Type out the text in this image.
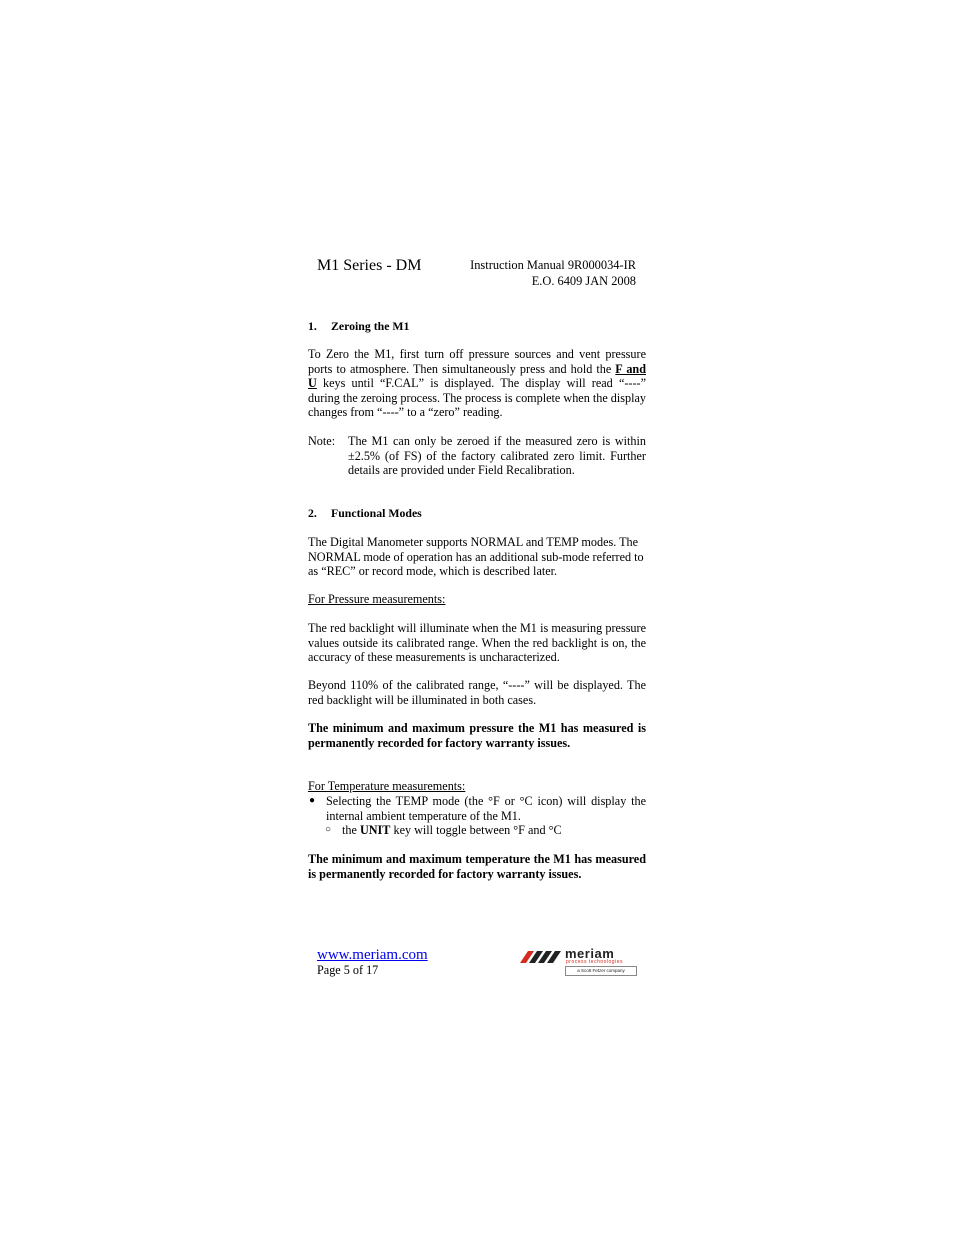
M1 Series - DM	Instruction Manual 9R000034-IR
E.O. 6409 JAN 2008
1. Zeroing the M1
To Zero the M1, first turn off pressure sources and vent pressure ports to atmosphere. Then simultaneously press and hold the F and U keys until “F.CAL” is displayed. The display will read “----” during the zeroing process. The process is complete when the display changes from “----” to a “zero” reading.
Note:	The M1 can only be zeroed if the measured zero is within ±2.5% (of FS) of the factory calibrated zero limit. Further details are provided under Field Recalibration.
2. Functional Modes
The Digital Manometer supports NORMAL and TEMP modes. The NORMAL mode of operation has an additional sub-mode referred to as “REC” or record mode, which is described later.
For Pressure measurements:
The red backlight will illuminate when the M1 is measuring pressure values outside its calibrated range. When the red backlight is on, the accuracy of these measurements is uncharacterized.
Beyond 110% of the calibrated range, “----” will be displayed. The red backlight will be illuminated in both cases.
The minimum and maximum pressure the M1 has measured is permanently recorded for factory warranty issues.
For Temperature measurements:
● Selecting the TEMP mode (the °F or °C icon) will display the internal ambient temperature of the M1.
○ the UNIT key will toggle between °F and °C
The minimum and maximum temperature the M1 has measured is permanently recorded for factory warranty issues.
www.meriam.com
Page 5 of 17
meriam
process technologies
a Scott Fetzer company
